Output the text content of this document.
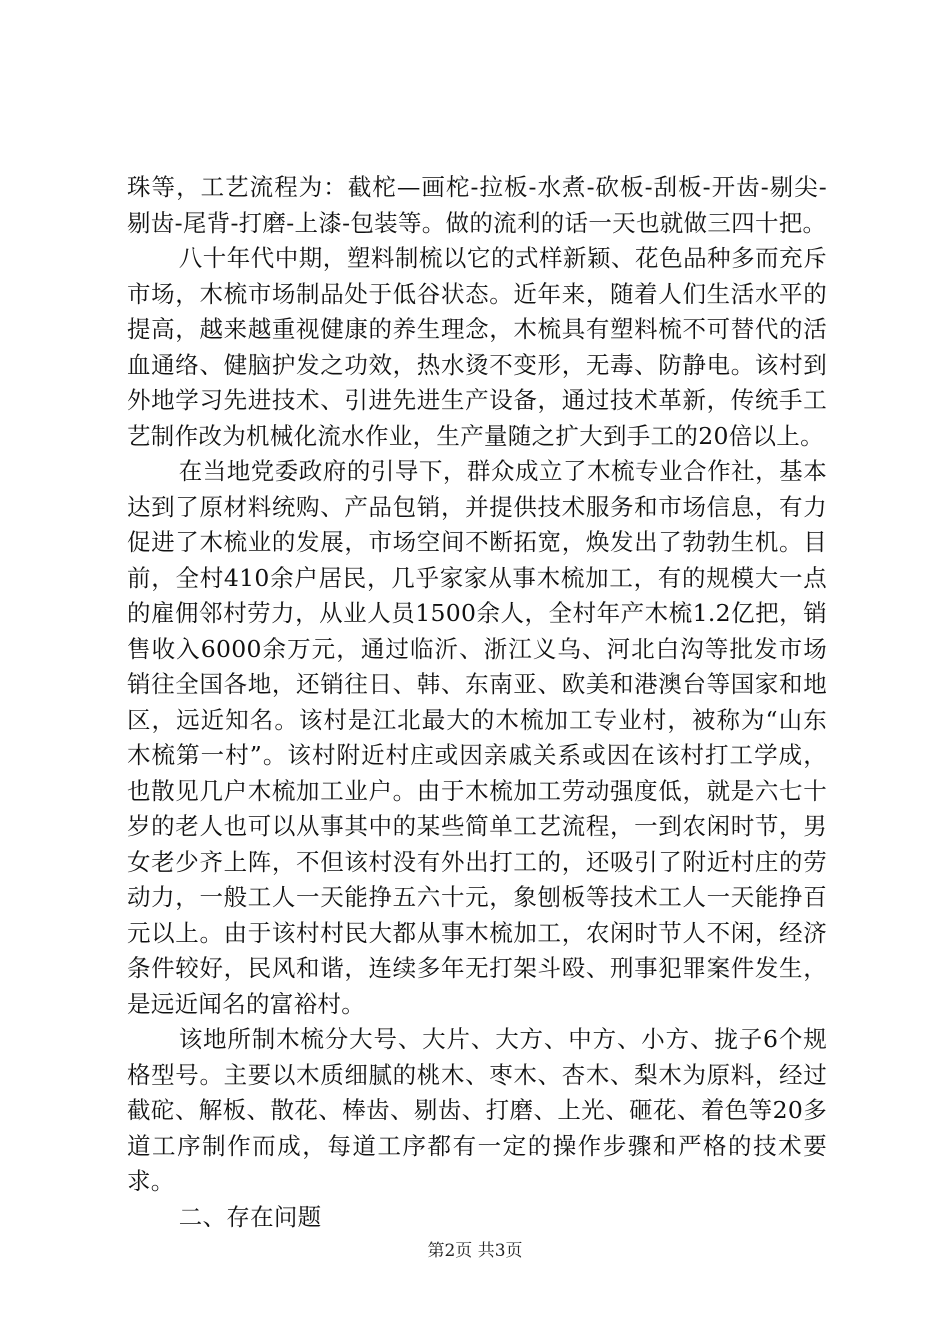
珠等，工艺流程为：截柁—画柁-拉板-水煮-砍板-刮板-开齿-剔尖-剔齿-尾背-打磨-上漆-包装等。做的流利的话一天也就做三四十把。

八十年代中期，塑料制梳以它的式样新颖、花色品种多而充斥市场，木梳市场制品处于低谷状态。近年来，随着人们生活水平的提高，越来越重视健康的养生理念，木梳具有塑料梳不可替代的活血通络、健脑护发之功效，热水烫不变形，无毒、防静电。该村到外地学习先进技术、引进先进生产设备，通过技术革新，传统手工艺制作改为机械化流水作业，生产量随之扩大到手工的20倍以上。

在当地党委政府的引导下，群众成立了木梳专业合作社，基本达到了原材料统购、产品包销，并提供技术服务和市场信息，有力促进了木梳业的发展，市场空间不断拓宽，焕发出了勃勃生机。目前，全村410余户居民，几乎家家从事木梳加工，有的规模大一点的雇佣邻村劳力，从业人员1500余人，全村年产木梳1.2亿把，销售收入6000余万元，通过临沂、浙江义乌、河北白沟等批发市场销往全国各地，还销往日、韩、东南亚、欧美和港澳台等国家和地区，远近知名。该村是江北最大的木梳加工专业村，被称为“山东木梳第一村”。该村附近村庄或因亲戚关系或因在该村打工学成，也散见几户木梳加工业户。由于木梳加工劳动强度低，就是六七十岁的老人也可以从事其中的某些简单工艺流程，一到农闲时节，男女老少齐上阵，不但该村没有外出打工的，还吸引了附近村庄的劳动力，一般工人一天能挣五六十元，象刨板等技术工人一天能挣百元以上。由于该村村民大都从事木梳加工，农闲时节人不闲，经济条件较好，民风和谐，连续多年无打架斗殴、刑事犯罪案件发生，是远近闻名的富裕村。

该地所制木梳分大号、大片、大方、中方、小方、拢子6个规格型号。主要以木质细腻的桃木、枣木、杏木、梨木为原料，经过截砣、解板、散花、棒齿、剔齿、打磨、上光、砸花、着色等20多道工序制作而成，每道工序都有一定的操作步骤和严格的技术要求。

二、存在问题

第2页 共3页
